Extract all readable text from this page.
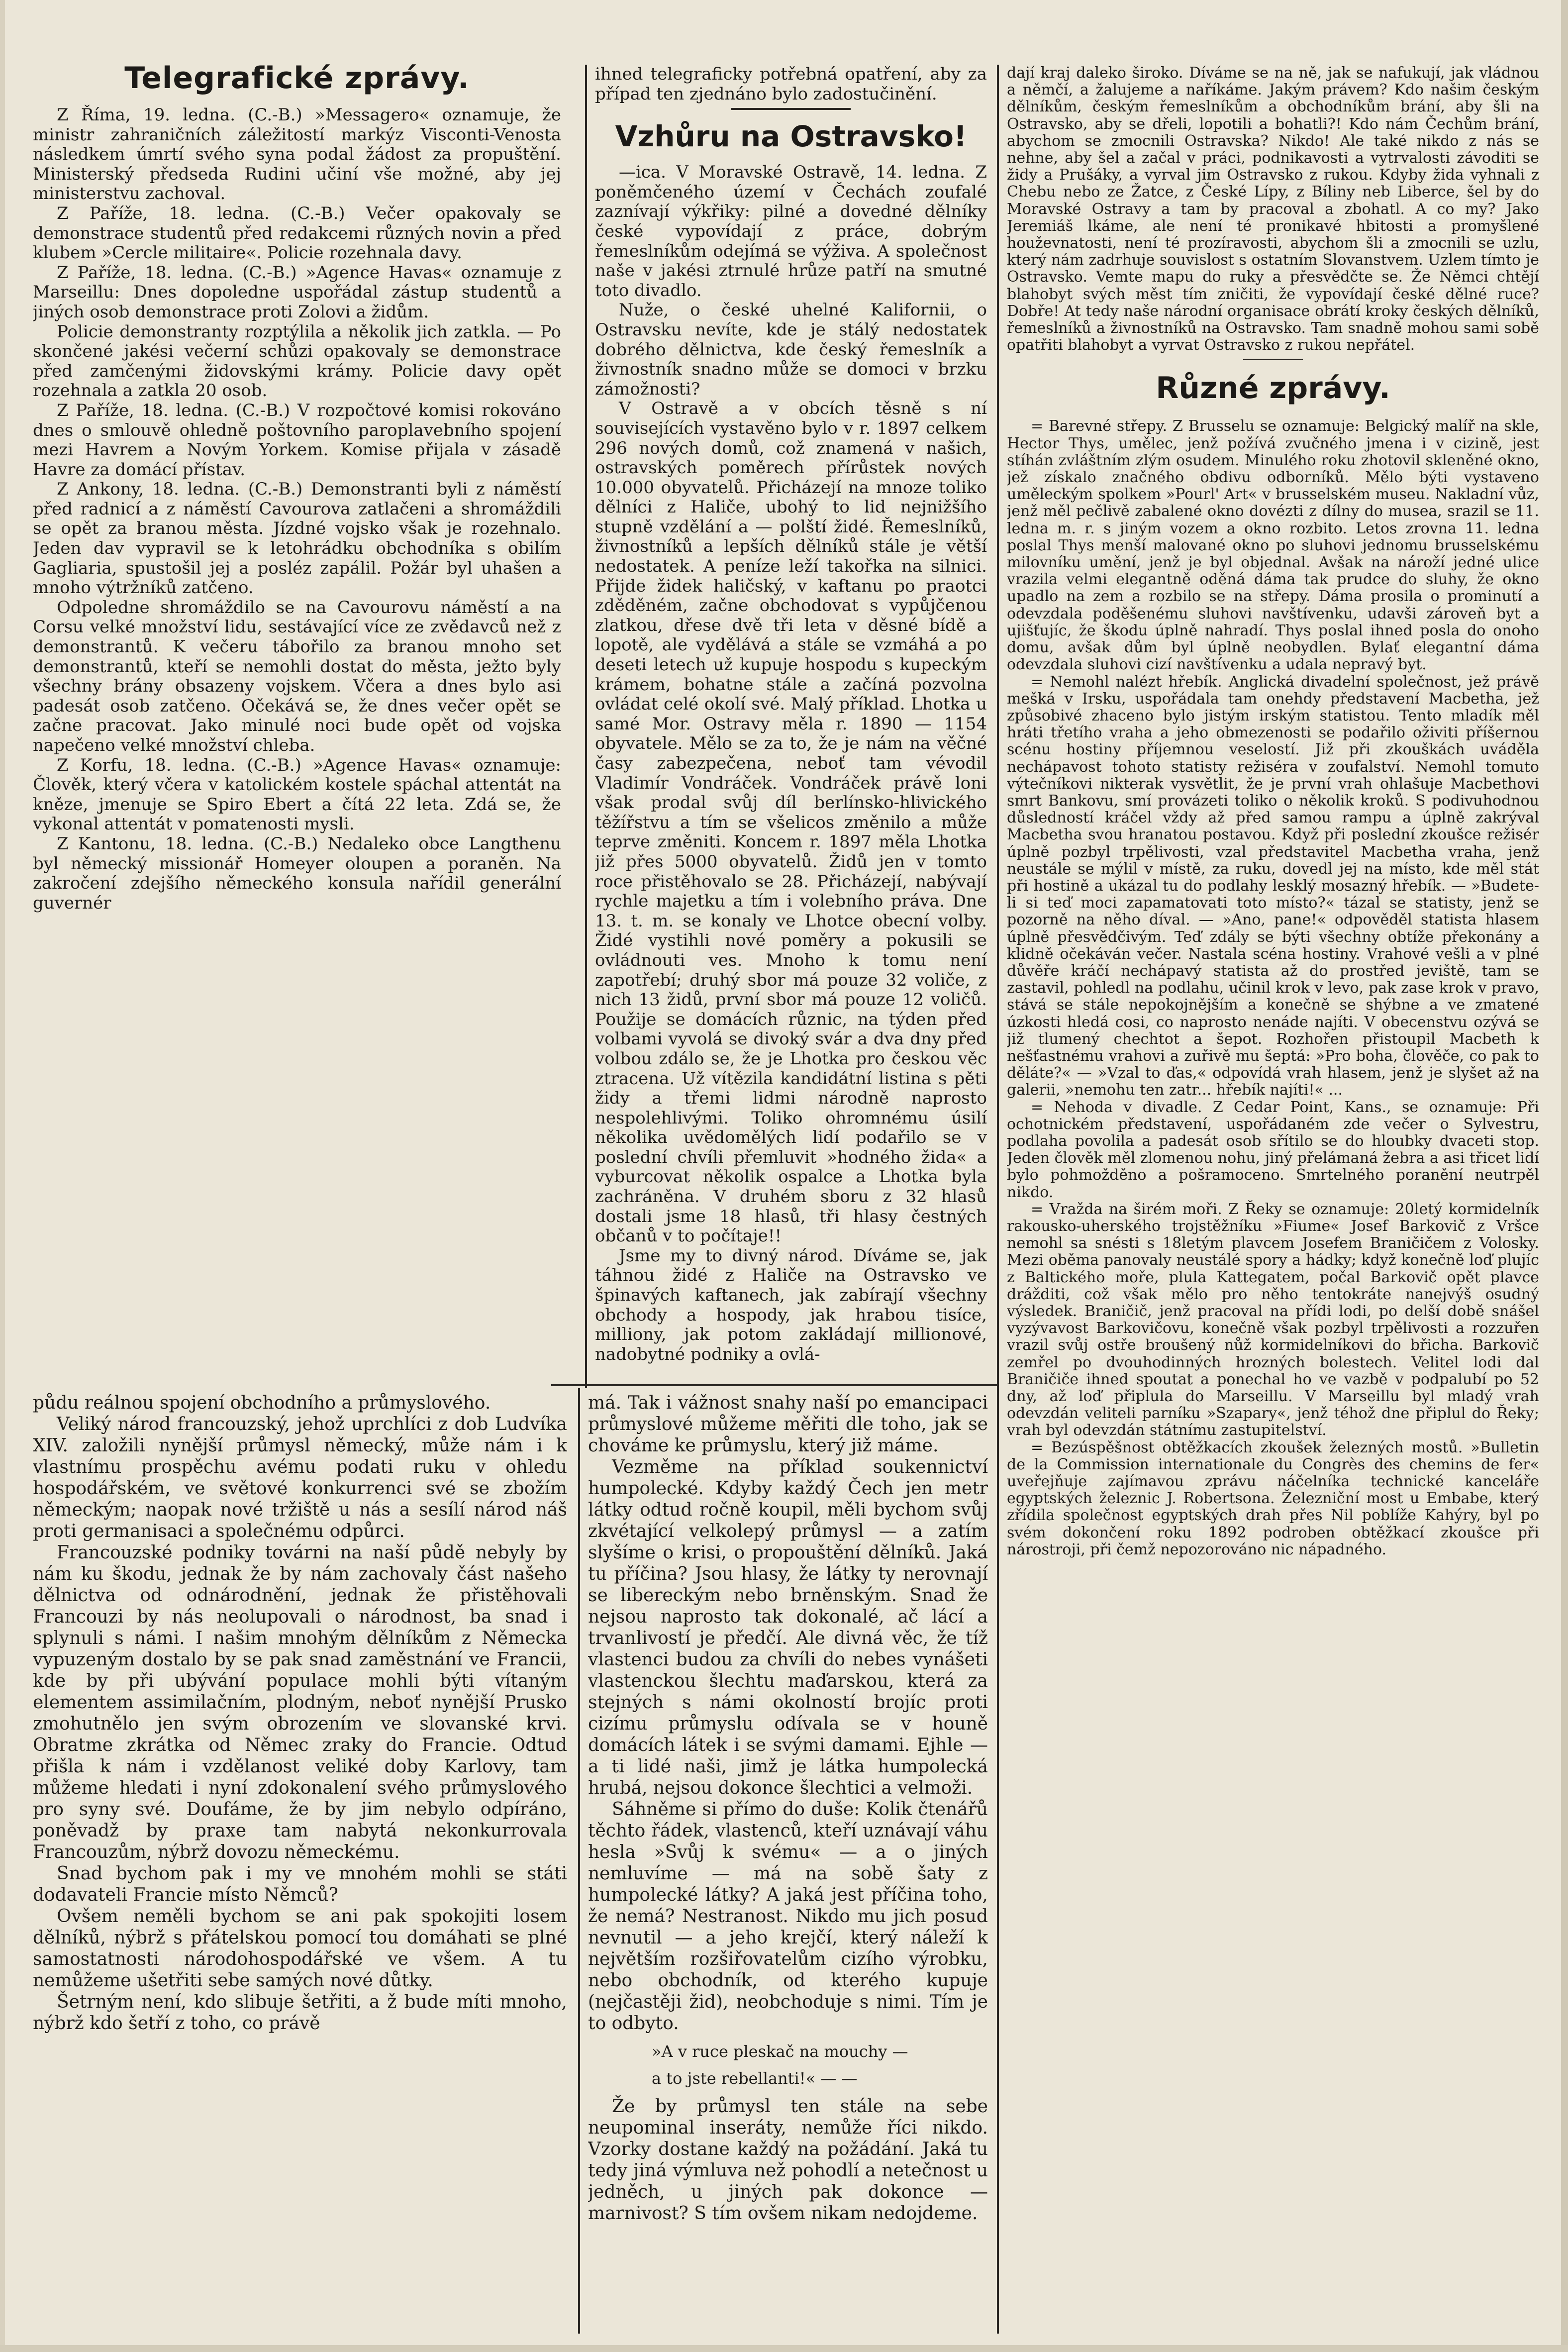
Telegrafické zprávy.

Z Říma, 19. ledna. (C.-B.) »Messagero« oznamuje, že ministr zahraničních záležitostí markýz Visconti-Venosta následkem úmrtí svého syna podal žádost za propuštění. Ministerský předseda Rudini učiní vše možné, aby jej ministerstvu zachoval.

Z Paříže, 18. ledna. (C.-B.) Večer opakovaly se demonstrace studentů před redakcemi různých novin a před klubem »Cercle militaire«. Policie rozehnala davy.

Z Paříže, 18. ledna. (C.-B.) »Agence Havas« oznamuje z Marseillu: Dnes dopoledne uspořádal zástup studentů a jiných osob demonstrace proti Zolovi a židům.

Policie demonstranty rozptýlila a několik jich zatkla. — Po skončené jakési večerní schůzi opakovaly se demonstrace před zamčenými židovskými krámy. Policie davy opět rozehnala a zatkla 20 osob.

Z Paříže, 18. ledna. (C.-B.) V rozpočtové komisi rokováno dnes o smlouvě ohledně poštovního paroplavebního spojení mezi Havrem a Novým Yorkem. Komise přijala v zásadě Havre za domácí přístav.

Z Ankony, 18. ledna. (C.-B.) Demonstranti byli z náměstí před radnicí a z náměstí Cavourova zatlačeni a shromáždili se opět za branou města. Jízdné vojsko však je rozehnalo. Jeden dav vypravil se k letohrádku obchodníka s obilím Gagliaria, spustošil jej a posléz zapálil. Požár byl uhašen a mnoho výtržníků zatčeno.

Odpoledne shromáždilo se na Cavourovu náměstí a na Corsu velké množství lidu, sestávající více ze zvědavců než z demonstrantů. K večeru tábořilo za branou mnoho set demonstrantů, kteří se nemohli dostat do města, ježto byly všechny brány obsazeny vojskem. Včera a dnes bylo asi padesát osob zatčeno. Očekává se, že dnes večer opět se začne pracovat. Jako minulé noci bude opět od vojska napečeno velké množství chleba.

Z Korfu, 18. ledna. (C.-B.) »Agence Havas« oznamuje: Člověk, který včera v katolickém kostele spáchal attentát na kněze, jmenuje se Spiro Ebert a čítá 22 leta. Zdá se, že vykonal attentát v pomatenosti mysli.

Z Kantonu, 18. ledna. (C.-B.) Nedaleko obce Langthenu byl německý missionář Homeyer oloupen a poraněn. Na zakročení zdejšího německého konsula nařídil generální guvernér

ihned telegraficky potřebná opatření, aby za případ ten zjednáno bylo zadostučinění.

Vzhůru na Ostravsko!

—ica. V Moravské Ostravě, 14. ledna. Z poněmčeného území v Čechách zoufalé zaznívají výkřiky: pilné a dovedné dělníky české vypovídají z práce, dobrým řemeslníkům odejímá se výživa. A společnost naše v jakési ztrnulé hrůze patří na smutné toto divadlo.

Nuže, o české uhelné Kalifornii, o Ostravsku nevíte, kde je stálý nedostatek dobrého dělnictva, kde český řemeslník a živnostník snadno může se domoci v brzku zámožnosti?

V Ostravě a v obcích těsně s ní souvisejících vystavěno bylo v r. 1897 celkem 296 nových domů, což znamená v našich, ostravských poměrech přírůstek nových 10.000 obyvatelů. Přicházejí na mnoze toliko dělníci z Haliče, ubohý to lid nejnižšího stupně vzdělání a — polští židé. Řemeslníků, živnostníků a lepších dělníků stále je větší nedostatek. A peníze leží takořka na silnici. Přijde židek haličský, v kaftanu po praotci zděděném, začne obchodovat s vypůjčenou zlatkou, dřese dvě tři leta v děsné bídě a lopotě, ale vydělává a stále se vzmáhá a po deseti letech už kupuje hospodu s kupeckým krámem, bohatne stále a začíná pozvolna ovládat celé okolí své. Malý příklad. Lhotka u samé Mor. Ostravy měla r. 1890 — 1154 obyvatele. Mělo se za to, že je nám na věčné časy zabezpečena, neboť tam vévodil Vladimír Vondráček. Vondráček právě loni však prodal svůj díl berlínsko-hlivického těžířstvu a tím se všelicos změnilo a může teprve změniti. Koncem r. 1897 měla Lhotka již přes 5000 obyvatelů. Židů jen v tomto roce přistěhovalo se 28. Přicházejí, nabývají rychle majetku a tím i volebního práva. Dne 13. t. m. se konaly ve Lhotce obecní volby. Židé vystihli nové poměry a pokusili se ovládnouti ves. Mnoho k tomu není zapotřebí; druhý sbor má pouze 32 voliče, z nich 13 židů, první sbor má pouze 12 voličů. Použije se domácích různic, na týden před volbami vyvolá se divoký svár a dva dny před volbou zdálo se, že je Lhotka pro českou věc ztracena. Už vítězila kandidátní listina s pěti židy a třemi lidmi národně naprosto nespolehlivými. Toliko ohromnému úsilí několika uvědomělých lidí podařilo se v poslední chvíli přemluvit »hodného žida« a vyburcovat několik ospalce a Lhotka byla zachráněna. V druhém sboru z 32 hlasů dostali jsme 18 hlasů, tři hlasy čestných občanů v to počítaje!!

Jsme my to divný národ. Díváme se, jak táhnou židé z Haliče na Ostravsko ve špinavých kaftanech, jak zabírají všechny obchody a hospody, jak hrabou tisíce, milliony, jak potom zakládají millionové, nadobytné podniky a ovlá-

dají kraj daleko široko. Díváme se na ně, jak se nafukují, jak vládnou a němčí, a žalujeme a naříkáme. Jakým právem? Kdo našim českým dělníkům, českým řemeslníkům a obchodníkům brání, aby šli na Ostravsko, aby se dřeli, lopotili a bohatli?! Kdo nám Čechům brání, abychom se zmocnili Ostravska? Nikdo! Ale také nikdo z nás se nehne, aby šel a začal v práci, podnikavosti a vytrvalosti závoditi se židy a Prušáky, a vyrval jim Ostravsko z rukou. Kdyby žida vyhnali z Chebu nebo ze Žatce, z České Lípy, z Bíliny neb Liberce, šel by do Moravské Ostravy a tam by pracoval a zbohatl. A co my? Jako Jeremiáš lkáme, ale není té pronikavé hbitosti a promyšlené houževnatosti, není té prozíravosti, abychom šli a zmocnili se uzlu, který nám zadrhuje souvislost s ostatním Slovanstvem. Uzlem tímto je Ostravsko. Vemte mapu do ruky a přesvědčte se. Že Němci chtějí blahobyt svých měst tím zničiti, že vypovídají české dělné ruce? Dobře! At tedy naše národní organisace obrátí kroky českých dělníků, řemeslníků a živnostníků na Ostravsko. Tam snadně mohou sami sobě opatřiti blahobyt a vyrvat Ostravsko z rukou nepřátel.

Různé zprávy.

= Barevné střepy. Z Brusselu se oznamuje: Belgický malíř na skle, Hector Thys, umělec, jenž požívá zvučného jmena i v cizině, jest stíhán zvláštním zlým osudem. Minulého roku zhotovil skleněné okno, jež získalo značného obdivu odborníků. Mělo býti vystaveno uměleckým spolkem »Pourl' Art« v brusselském museu. Nakladní vůz, jenž měl pečlivě zabalené okno dovézti z dílny do musea, srazil se 11. ledna m. r. s jiným vozem a okno rozbito. Letos zrovna 11. ledna poslal Thys menší malované okno po sluhovi jednomu brusselskému milovníku umění, jenž je byl objednal. Avšak na nároží jedné ulice vrazila velmi elegantně oděná dáma tak prudce do sluhy, že okno upadlo na zem a rozbilo se na střepy. Dáma prosila o prominutí a odevzdala poděšenému sluhovi navštívenku, udavši zároveň byt a ujišťujíc, že škodu úplně nahradí. Thys poslal ihned posla do onoho domu, avšak dům byl úplně neobydlen. Bylať elegantní dáma odevzdala sluhovi cizí navštívenku a udala nepravý byt.

= Nemohl nalézt hřebík. Anglická divadelní společnost, jež právě mešká v Irsku, uspořádala tam onehdy představení Macbetha, jež způsobivé zhaceno bylo jistým irským statistou. Tento mladík měl hráti třetího vraha a jeho obmezenosti se podařilo oživiti příšernou scénu hostiny příjemnou veselostí. Již při zkouškách uváděla nechápavost tohoto statisty režiséra v zoufalství. Nemohl tomuto výtečníkovi nikterak vysvětlit, že je první vrah ohlašuje Macbethovi smrt Bankovu, smí provázeti toliko o několik kroků. S podivuhodnou důsledností kráčel vždy až před samou rampu a úplně zakrýval Macbetha svou hranatou postavou. Když při poslední zkoušce režisér úplně pozbyl trpělivosti, vzal představitel Macbetha vraha, jenž neustále se mýlil v místě, za ruku, dovedl jej na místo, kde měl stát při hostině a ukázal tu do podlahy lesklý mosazný hřebík. — »Budete-li si teď moci zapamatovati toto místo?« tázal se statisty, jenž se pozorně na něho díval. — »Ano, pane!« odpověděl statista hlasem úplně přesvědčivým. Teď zdály se býti všechny obtíže překonány a klidně očekáván večer. Nastala scéna hostiny. Vrahové vešli a v plné důvěře kráčí nechápavý statista až do prostřed jeviště, tam se zastavil, pohledl na podlahu, učinil krok v levo, pak zase krok v pravo, stává se stále nepokojnějším a konečně se shýbne a ve zmatené úzkosti hledá cosi, co naprosto nenáde najíti. V obecenstvu ozývá se již tlumený chechtot a šepot. Rozhořen přistoupil Macbeth k nešťastnému vrahovi a zuřivě mu šeptá: »Pro boha, člověče, co pak to děláte?« — »Vzal to ďas,« odpovídá vrah hlasem, jenž je slyšet až na galerii, »nemohu ten zatr... hřebík najíti!« ...

= Nehoda v divadle. Z Cedar Point, Kans., se oznamuje: Při ochotnickém představení, uspořádaném zde večer o Sylvestru, podlaha povolila a padesát osob sřítilo se do hloubky dvaceti stop. Jeden člověk měl zlomenou nohu, jiný přelámaná žebra a asi třicet lidí bylo pohmožděno a pošramoceno. Smrtelného poranění neutrpěl nikdo.

= Vražda na širém moři. Z Řeky se oznamuje: 20letý kormidelník rakousko-uherského trojstěžníku »Fiume« Josef Barkovič z Vršce nemohl sa snésti s 18letým plavcem Josefem Braničičem z Volosky. Mezi oběma panovaly neustálé spory a hádky; když konečně loď plujíc z Baltického moře, plula Kattegatem, počal Barkovič opět plavce drážditi, což však mělo pro něho tentokráte nanejvýš osudný výsledek. Braničič, jenž pracoval na přídi lodi, po delší době snášel vyzývavost Barkovičovu, konečně však pozbyl trpělivosti a rozzuřen vrazil svůj ostře broušený nůž kormidelníkovi do břicha. Barkovič zemřel po dvouhodinných hrozných bolestech. Velitel lodi dal Braničiče ihned spoutat a ponechal ho ve vazbě v podpalubí po 52 dny, až loď připlula do Marseillu. V Marseillu byl mladý vrah odevzdán veliteli parníku »Szapary«, jenž téhož dne připlul do Řeky; vrah byl odevzdán státnímu zastupitelství.

= Bezúspěšnost obtěžkacích zkoušek železných mostů. »Bulletin de la Commission internationale du Congrès des chemins de fer« uveřejňuje zajímavou zprávu náčelníka technické kanceláře egyptských železnic J. Robertsona. Železniční most u Embabe, který zřídila společnost egyptských drah přes Nil poblíže Kahýry, byl po svém dokončení roku 1892 podroben obtěžkací zkoušce při nárostroji, při čemž nepozorováno nic nápadného.

půdu reálnou spojení obchodního a průmyslového.

Veliký národ francouzský, jehož uprchlíci z dob Ludvíka XIV. založili nynější průmysl německý, může nám i k vlastnímu prospěchu avému podati ruku v ohledu hospodářském, ve světové konkurrenci své se zbožím německým; naopak nové tržiště u nás a sesílí národ náš proti germanisaci a společnému odpůrci.

Francouzské podniky továrni na naší půdě nebyly by nám ku škodu, jednak že by nám zachovaly část našeho dělnictva od odnárodnění, jednak že přistěhovali Francouzi by nás neolupovali o národnost, ba snad i splynuli s námi. I našim mnohým dělníkům z Německa vypuzeným dostalo by se pak snad zaměstnání ve Francii, kde by při ubývání populace mohli býti vítaným elementem assimilačním, plodným, neboť nynější Prusko zmohutnělo jen svým obrozením ve slovanské krvi. Obratme zkrátka od Němec zraky do Francie. Odtud přišla k nám i vzdělanost veliké doby Karlovy, tam můžeme hledati i nyní zdokonalení svého průmyslového pro syny své. Doufáme, že by jim nebylo odpíráno, poněvadž by praxe tam nabytá nekonkurrovala Francouzům, nýbrž dovozu německému.

Snad bychom pak i my ve mnohém mohli se státi dodavateli Francie místo Němců?

Ovšem neměli bychom se ani pak spokojiti losem dělníků, nýbrž s přátelskou pomocí tou domáhati se plné samostatnosti národohospodářské ve všem. A tu nemůžeme ušetřiti sebe samých nové důtky.

Šetrným není, kdo slibuje šetřiti, a ž bude míti mnoho, nýbrž kdo šetří z toho, co právě

má. Tak i vážnost snahy naší po emancipaci průmyslové můžeme měřiti dle toho, jak se chováme ke průmyslu, který již máme.

Vezměme na příklad soukennictví humpolecké. Kdyby každý Čech jen metr látky odtud ročně koupil, měli bychom svůj zkvétající velkolepý průmysl — a zatím slyšíme o krisi, o propouštění dělníků. Jaká tu příčina? Jsou hlasy, že látky ty nerovnají se libereckým nebo brněnským. Snad že nejsou naprosto tak dokonalé, ač lácí a trvanlivostí je předčí. Ale divná věc, že tíž vlastenci budou za chvíli do nebes vynášeti vlastenckou šlechtu maďarskou, která za stejných s námi okolností brojíc proti cizímu průmyslu odívala se v houně domácích látek i se svými damami. Ejhle — a ti lidé naši, jimž je látka humpolecká hrubá, nejsou dokonce šlechtici a velmoži.

Sáhněme si přímo do duše: Kolik čtenářů těchto řádek, vlastenců, kteří uznávají váhu hesla »Svůj k svému« — a o jiných nemluvíme — má na sobě šaty z humpolecké látky? A jaká jest příčina toho, že nemá? Nestranost. Nikdo mu jich posud nevnutil — a jeho krejčí, který náleží k největším rozšiřovatelům cizího výrobku, nebo obchodník, od kterého kupuje (nejčastěji žid), neobchoduje s nimi. Tím je to odbyto.

»A v ruce pleskač na mouchy —

a to jste rebellanti!« — —

Že by průmysl ten stále na sebe neupominal inseráty, nemůže říci nikdo. Vzorky dostane každý na požádání. Jaká tu tedy jiná výmluva než pohodlí a netečnost u jedněch, u jiných pak dokonce — marnivost? S tím ovšem nikam nedojdeme.
